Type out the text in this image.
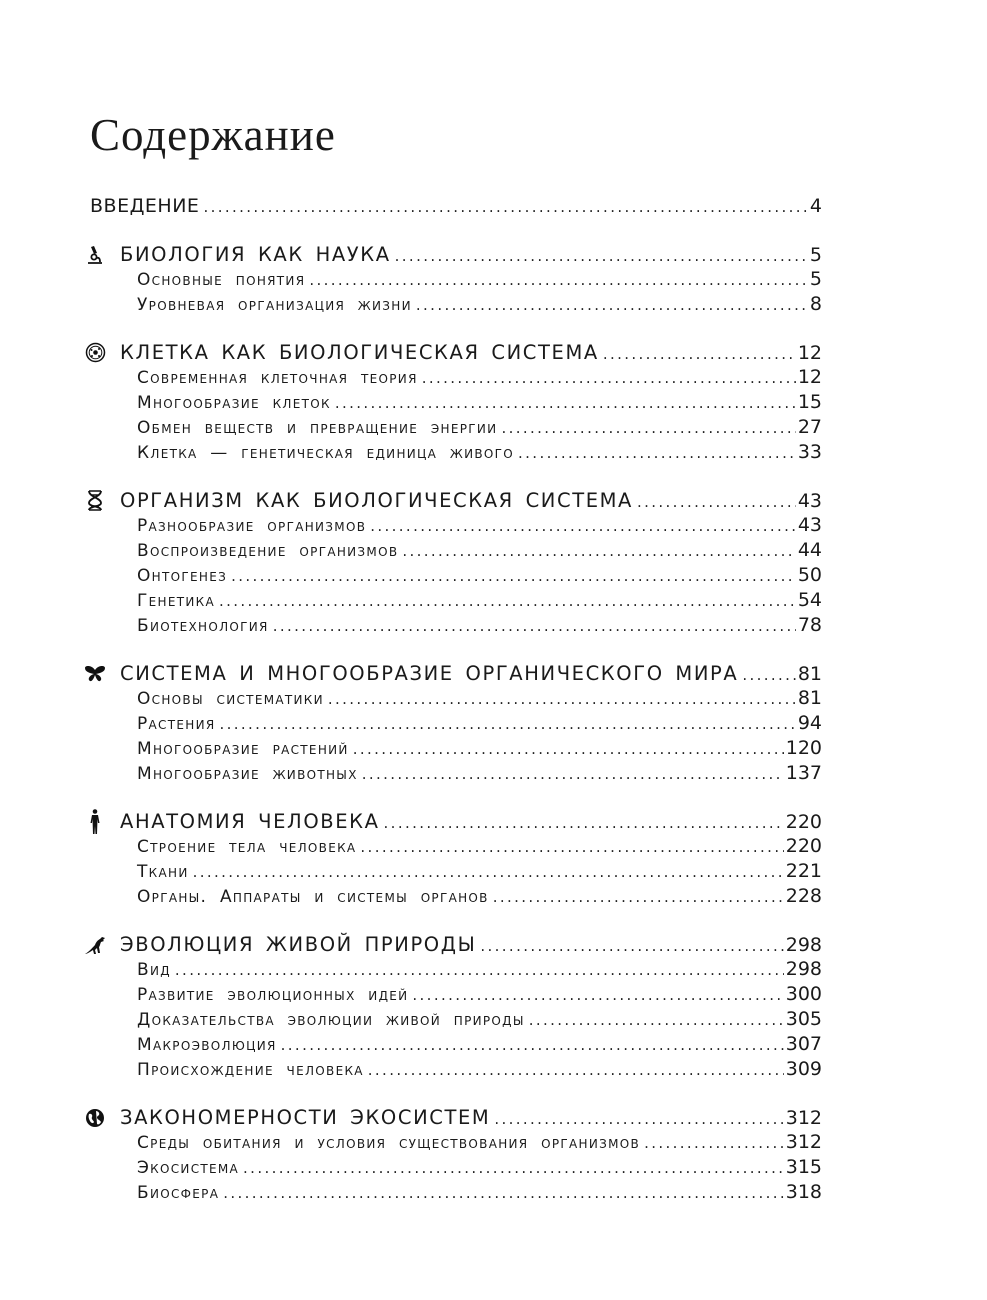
Содержание
ВВЕДЕНИЕ . . .	4
БИОЛОГИЯ КАК НАУКА . . .	5
Основные понятия . . .	5
Уровневая организация жизни . . .	8
КЛЕТКА КАК БИОЛОГИЧЕСКАЯ СИСТЕМА . . .	12
Современная клеточная теория . . .	12
Многообразие клеток . . .	15
Обмен веществ и превращение энергии . . .	27
Клетка — генетическая единица живого . . .	33
ОРГАНИЗМ КАК БИОЛОГИЧЕСКАЯ СИСТЕМА . . .	43
Разнообразие организмов . . .	43
Воспроизведение организмов . . .	44
Онтогенез . . .	50
Генетика . . .	54
Биотехнология . . .	78
СИСТЕМА И МНОГООБРАЗИЕ ОРГАНИЧЕСКОГО МИРА . . .	81
Основы систематики . . .	81
Растения . . .	94
Многообразие растений . . .	120
Многообразие животных . . .	137
АНАТОМИЯ ЧЕЛОВЕКА . . .	220
Строение тела человека . . .	220
Ткани . . .	221
Органы. Аппараты и системы органов . . .	228
ЭВОЛЮЦИЯ ЖИВОЙ ПРИРОДЫ . . .	298
Вид . . .	298
Развитие эволюционных идей . . .	300
Доказательства эволюции живой природы . . .	305
Макроэволюция . . .	307
Происхождение человека . . .	309
ЗАКОНОМЕРНОСТИ ЭКОСИСТЕМ . . .	312
Среды обитания и условия существования организмов . . .	312
Экосистема . . .	315
Биосфера . . .	318
